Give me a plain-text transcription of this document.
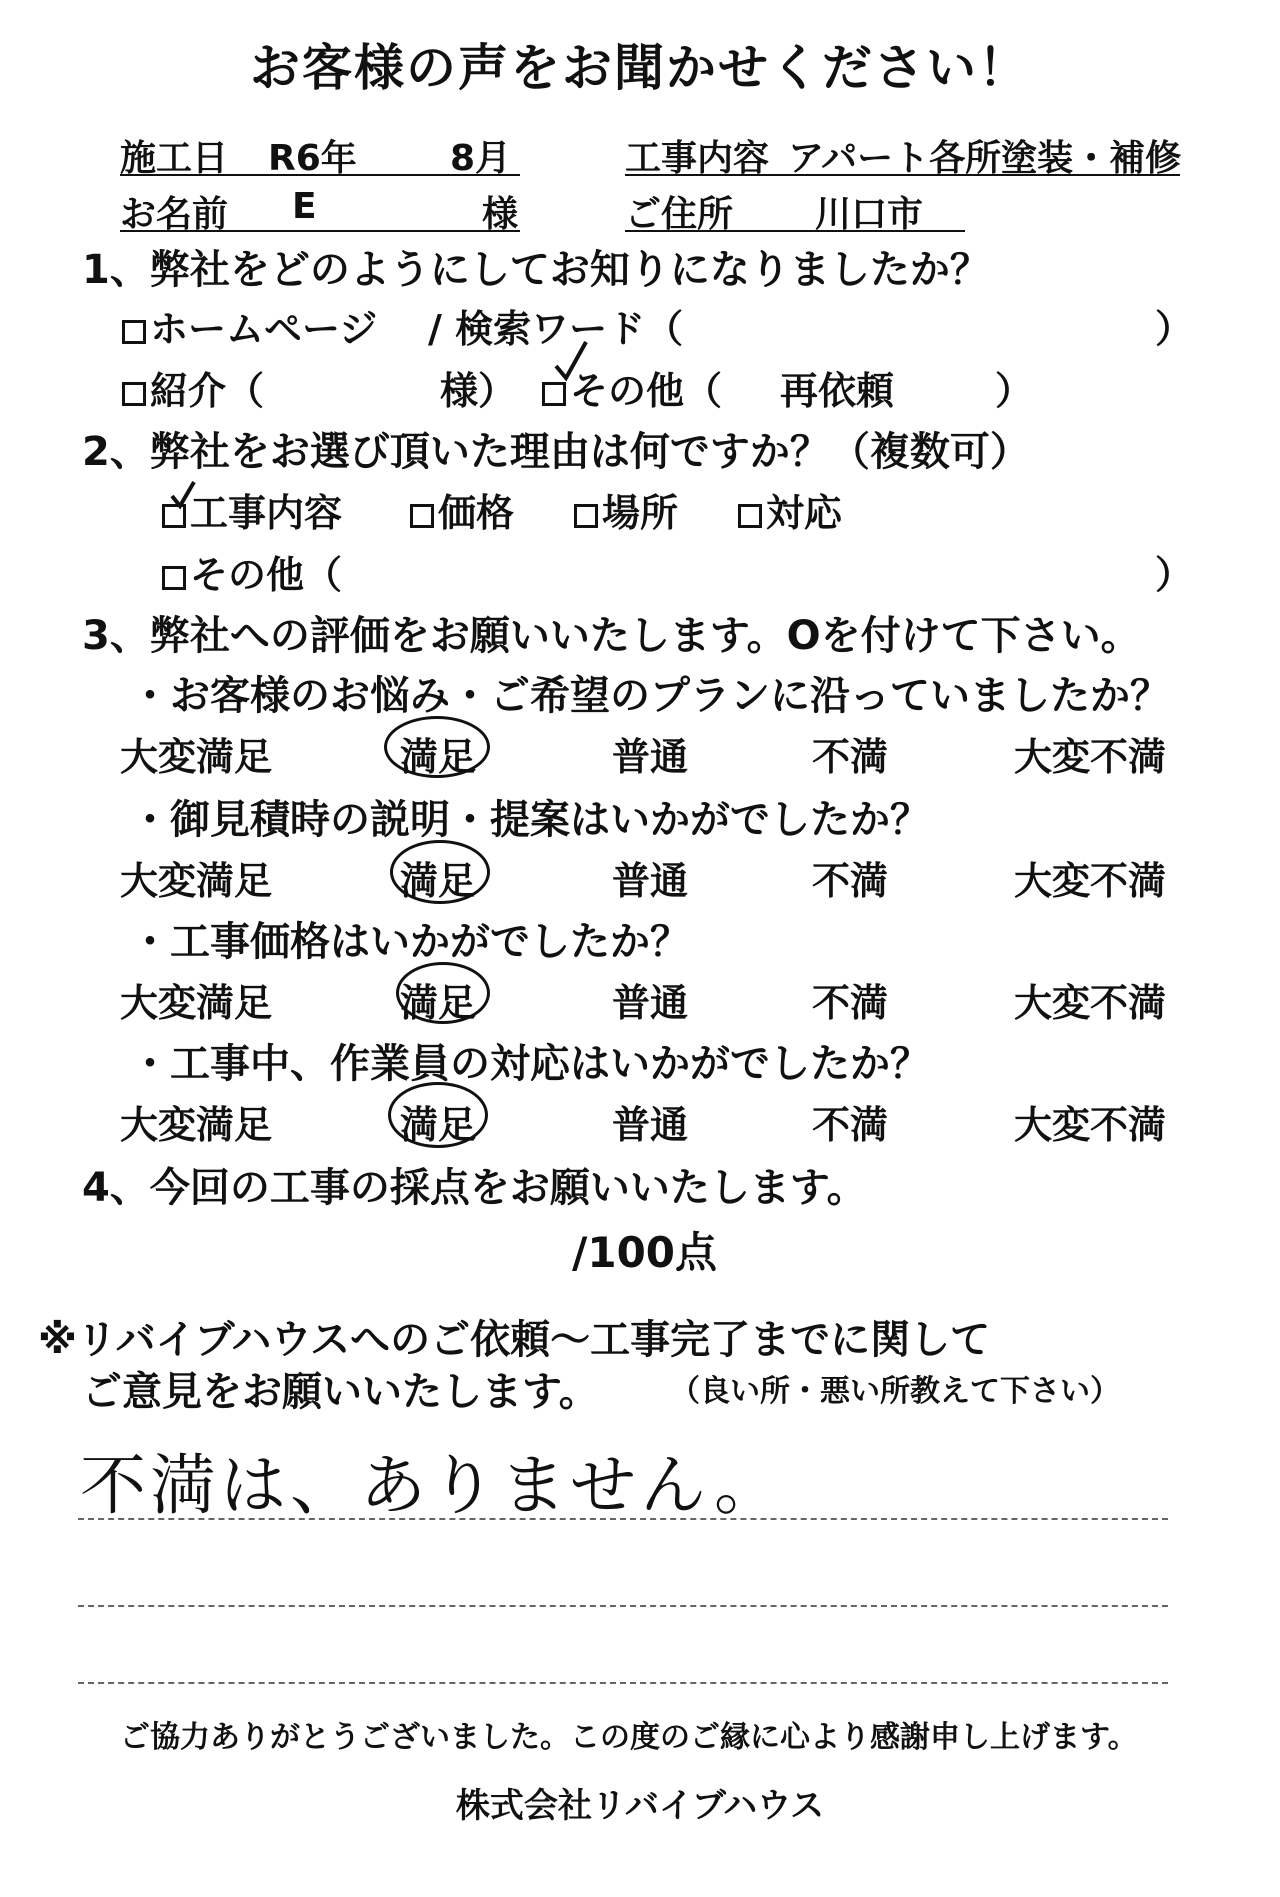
お客様の声をお聞かせください！
施工日 R6年	8月	工事内容 アパート各所塗装・補修
お名前 E	様	ご住所 川口市
1、弊社をどのようにしてお知りになりましたか？
ホームページ / 検索ワード（	）
紹介（	様）	その他（ 再依頼	）
2、弊社をお選び頂いた理由は何ですか？（複数可）
工事内容	価格	場所	対応
その他（	）
3、弊社への評価をお願いいたします。Oを付けて下さい。
・お客様のお悩み・ご希望のプランに沿っていましたか？
大変満足	満足	普通	不満	大変不満
・御見積時の説明・提案はいかがでしたか？
大変満足	満足	普通	不満	大変不満
・工事価格はいかがでしたか？
大変満足	満足	普通	不満	大変不満
・工事中、作業員の対応はいかがでしたか？
大変満足	満足	普通	不満	大変不満
4、今回の工事の採点をお願いいたします。
/100点
※リバイブハウスへのご依頼～工事完了までに関して
ご意見をお願いいたします。 （良い所・悪い所教えて下さい）
不満は、ありません。
ご協力ありがとうございました。この度のご縁に心より感謝申し上げます。
株式会社リバイブハウス
